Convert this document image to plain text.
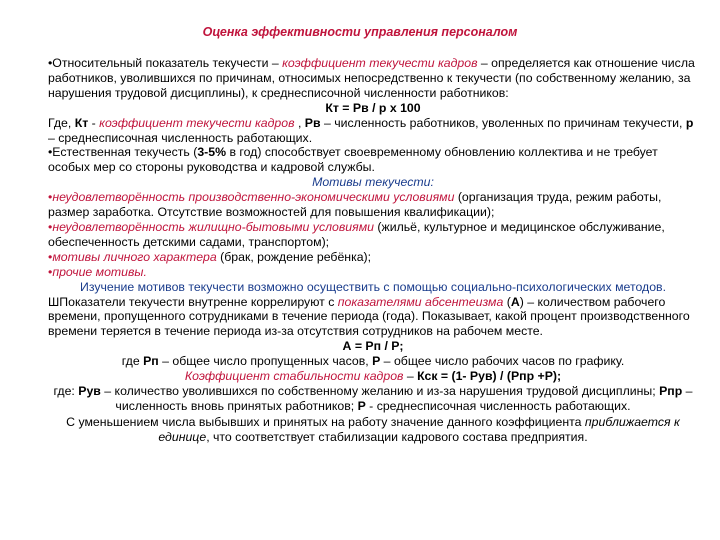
Оценка эффективности управления персоналом

•Относительный показатель текучести – коэффициент текучести кадров – определяется как отношение числа работников, уволившихся по причинам, относимых непосредственно к текучести (по собственному желанию, за нарушения трудовой дисциплины), к среднесписочной численности работников:

Кт = Рв / р х 100

Где, Кт - коэффициент текучести кадров , Рв – численность работников, уволенных по причинам текучести, р – среднесписочная численность работающих.

•Естественная текучесть (3-5% в год) способствует своевременному обновлению коллектива и не требует особых мер со стороны руководства и кадровой службы.

Мотивы текучести:

•неудовлетворённость производственно-экономическими условиями (организация труда, режим работы, размер заработка. Отсутствие возможностей для повышения квалификации);

•неудовлетворённость жилищно-бытовыми условиями (жильё, культурное и медицинское обслуживание, обеспеченность детскими садами, транспортом);

•мотивы личного характера (брак, рождение ребёнка);

•прочие мотивы.

Изучение мотивов текучести возможно осуществить с помощью социально-психологических методов.

ШПоказатели текучести внутренне коррелируют с показателями абсентеизма (А) – количеством рабочего времени, пропущенного сотрудниками в течение периода (года). Показывает, какой процент производственного времени теряется в течение периода из-за отсутствия сотрудников на рабочем месте.

А = Рп / Р;

где Рп – общее число пропущенных часов, Р – общее число рабочих часов по графику.

Коэффициент стабильности кадров – Кск = (1- Рув) / (Рпр +Р);

где: Рув – количество уволившихся по собственному желанию и из-за нарушения трудовой дисциплины; Рпр – численность вновь принятых работников; Р - среднесписочная численность работающих.

С уменьшением числа выбывших и принятых на работу значение данного коэффициента приближается к единице, что соответствует стабилизации кадрового состава предприятия.
